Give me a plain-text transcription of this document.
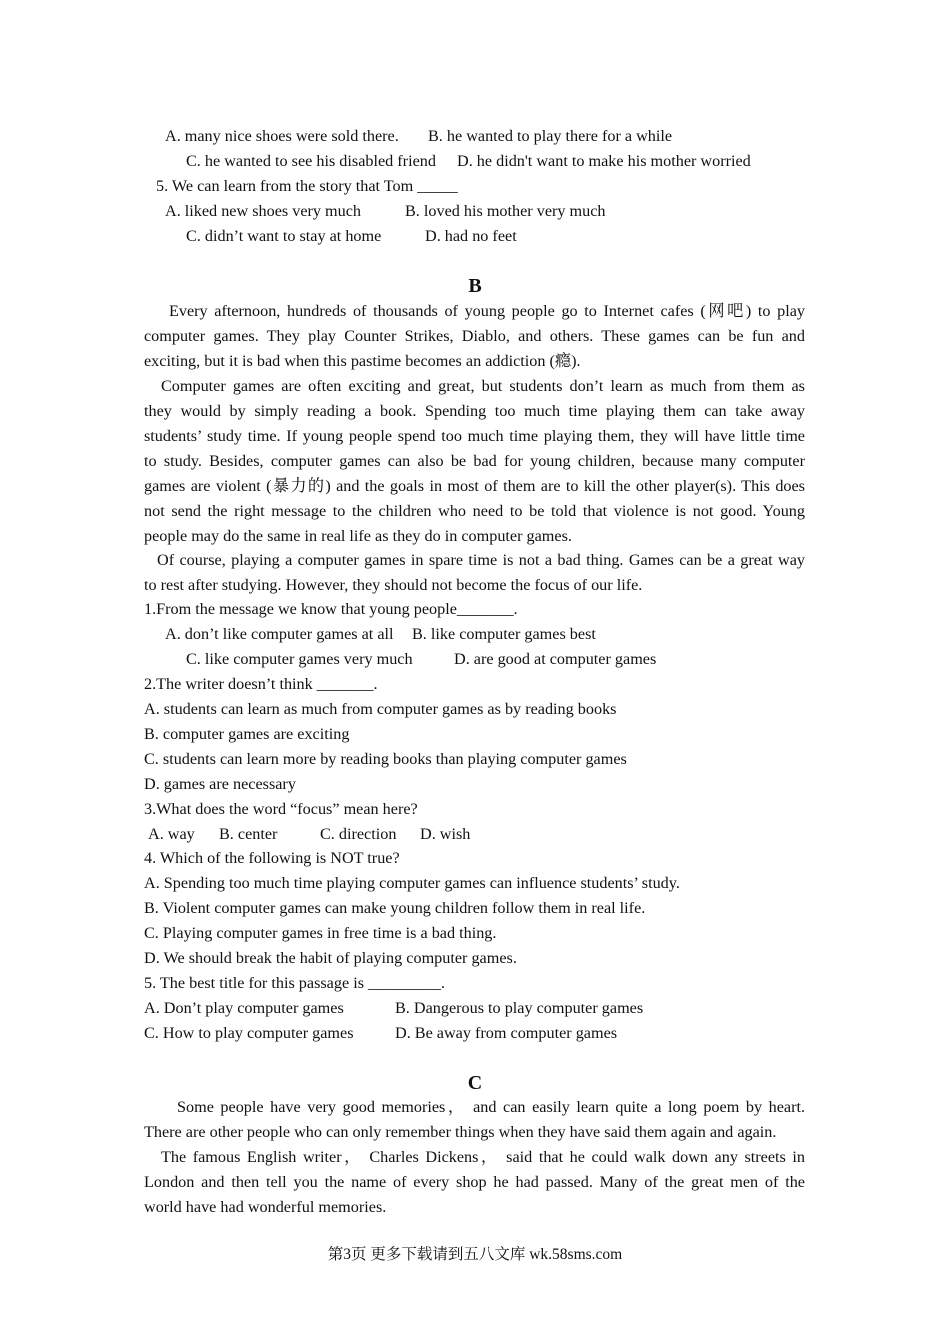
B
C
第3页 更多下载请到五八文库 wk.58sms.com
A. many nice shoes were sold there. B. he wanted to play there for a while
C. he wanted to see his disabled friend D. he didn't want to make his mother worried
5. We can learn from the story that Tom _____
A. liked new shoes very much	B. loved his mother very much
C. didn’t want to stay at home	D. had no feet
Every afternoon, hundreds of thousands of young people go to Internet cafes (网吧) to play
computer games. They play Counter Strikes, Diablo, and others. These games can be fun and
exciting, but it is bad when this pastime becomes an addiction (瘾).
Computer games are often exciting and great, but students don’t learn as much from them as
they would by simply reading a book. Spending too much time playing them can take away
students’ study time. If young people spend too much time playing them, they will have little time
to study. Besides, computer games can also be bad for young children, because many computer
games are violent (暴力的) and the goals in most of them are to kill the other player(s). This does
not send the right message to the children who need to be told that violence is not good. Young
people may do the same in real life as they do in computer games.
Of course, playing a computer games in spare time is not a bad thing. Games can be a great way
to rest after studying. However, they should not become the focus of our life.
1.From the message we know that young people_______.
A. don’t like computer games at all B. like computer games best
C. like computer games very much	D. are good at computer games
2.The writer doesn’t think _______.
A. students can learn as much from computer games as by reading books
B. computer games are exciting
C. students can learn more by reading books than playing computer games
D. games are necessary
3.What does the word “focus” mean here?
A. way B. center	C. direction D. wish
4. Which of the following is NOT true?
A. Spending too much time playing computer games can influence students’ study.
B. Violent computer games can make young children follow them in real life.
C. Playing computer games in free time is a bad thing.
D. We should break the habit of playing computer games.
5. The best title for this passage is _________.
A. Don’t play computer games	B. Dangerous to play computer games
C. How to play computer games	D. Be away from computer games
Some people have very good memories， and can easily learn quite a long poem by heart.
There are other people who can only remember things when they have said them again and again.
The famous English writer， Charles Dickens， said that he could walk down any streets in
London and then tell you the name of every shop he had passed. Many of the great men of the
world have had wonderful memories.
